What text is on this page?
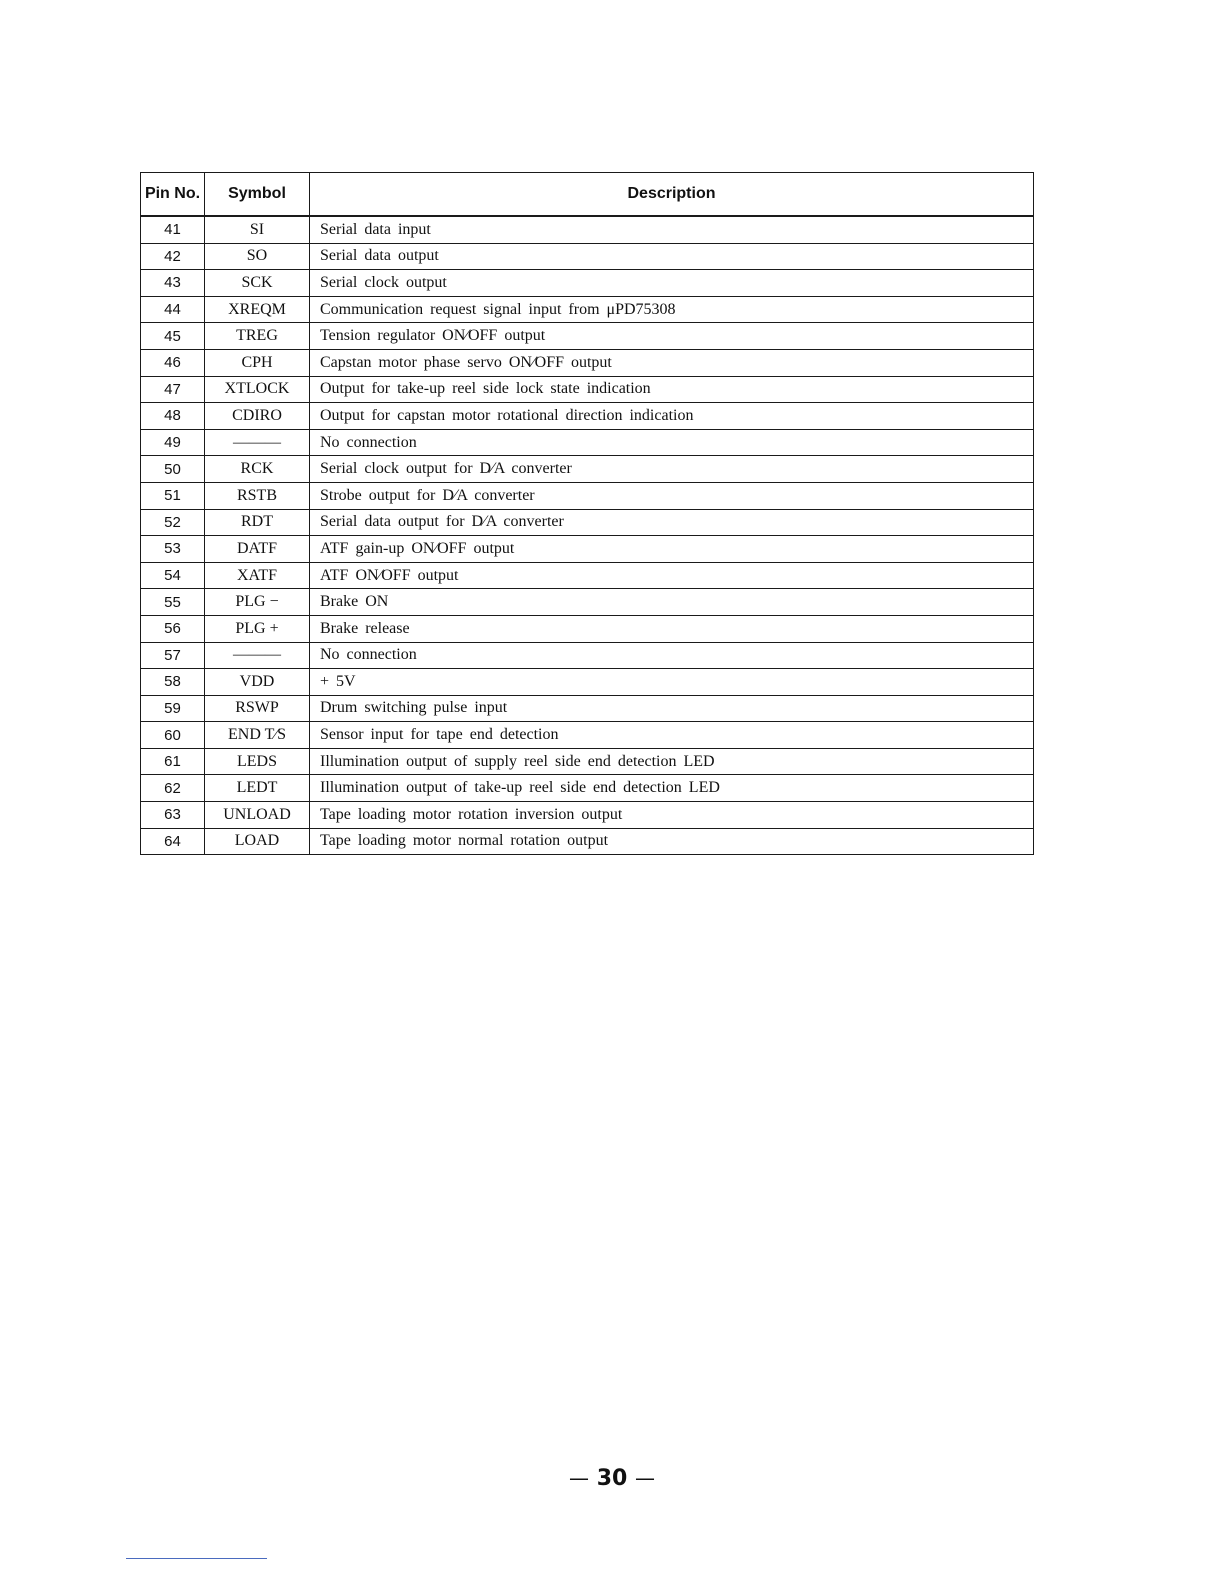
Pin No.	Symbol	Description
41	SI	Serial data input
42	SO	Serial data output
43	SCK	Serial clock output
44	XREQM	Communication request signal input from μPD75308
45	TREG	Tension regulator ON∕OFF output
46	CPH	Capstan motor phase servo ON∕OFF output
47	XTLOCK	Output for take-up reel side lock state indication
48	CDIRO	Output for capstan motor rotational direction indication
49	———	No connection
50	RCK	Serial clock output for D∕A converter
51	RSTB	Strobe output for D∕A converter
52	RDT	Serial data output for D∕A converter
53	DATF	ATF gain-up ON∕OFF output
54	XATF	ATF ON∕OFF output
55	PLG −	Brake ON
56	PLG +	Brake release
57	———	No connection
58	VDD	+ 5V
59	RSWP	Drum switching pulse input
60	END T∕S	Sensor input for tape end detection
61	LEDS	Illumination output of supply reel side end detection LED
62	LEDT	Illumination output of take-up reel side end detection LED
63	UNLOAD	Tape loading motor rotation inversion output
64	LOAD	Tape loading motor normal rotation output
— 30 —
